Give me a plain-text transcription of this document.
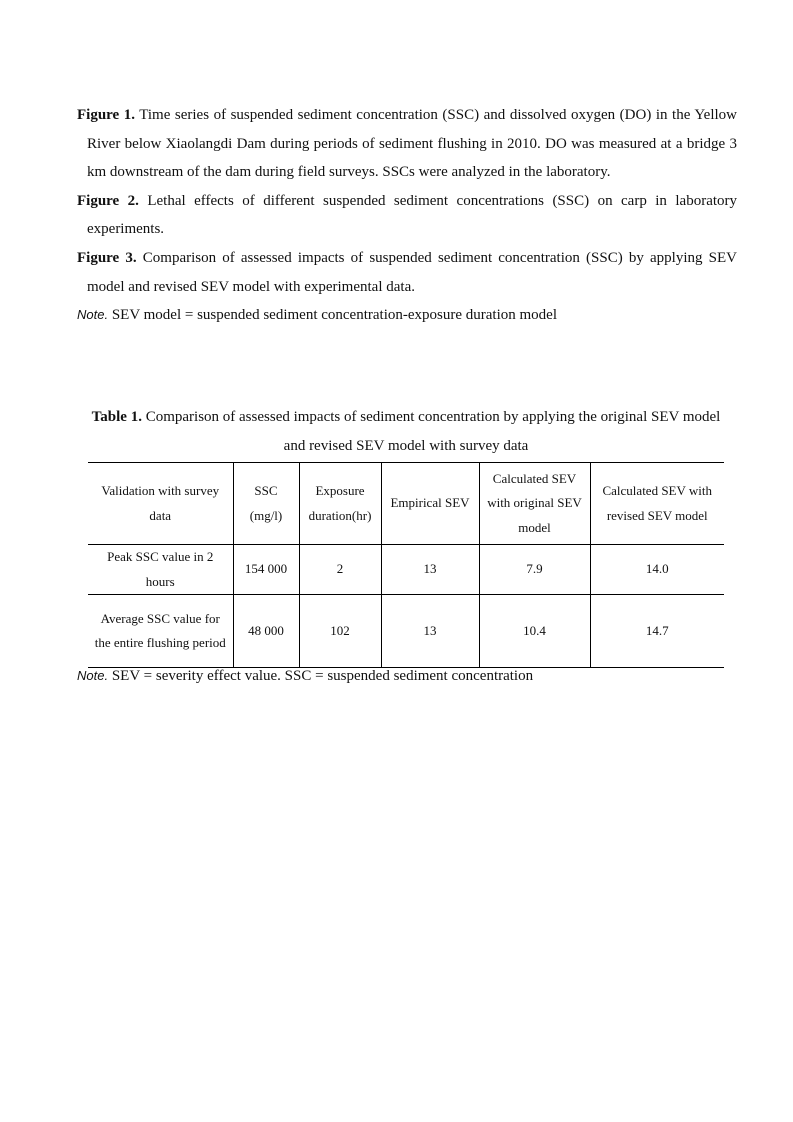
Figure 1. Time series of suspended sediment concentration (SSC) and dissolved oxygen (DO) in the Yellow River below Xiaolangdi Dam during periods of sediment flushing in 2010. DO was measured at a bridge 3 km downstream of the dam during field surveys. SSCs were analyzed in the laboratory.
Figure 2. Lethal effects of different suspended sediment concentrations (SSC) on carp in laboratory experiments.
Figure 3. Comparison of assessed impacts of suspended sediment concentration (SSC) by applying SEV model and revised SEV model with experimental data.
Note. SEV model = suspended sediment concentration-exposure duration model
Table 1. Comparison of assessed impacts of sediment concentration by applying the original SEV model and revised SEV model with survey data
Validation with survey data	SSC (mg/l)	Exposure duration(hr)	Empirical SEV	Calculated SEV with original SEV model	Calculated SEV with revised SEV model
Peak SSC value in 2 hours	154 000	2	13	7.9	14.0
Average SSC value for the entire flushing period	48 000	102	13	10.4	14.7
Note. SEV = severity effect value. SSC = suspended sediment concentration
